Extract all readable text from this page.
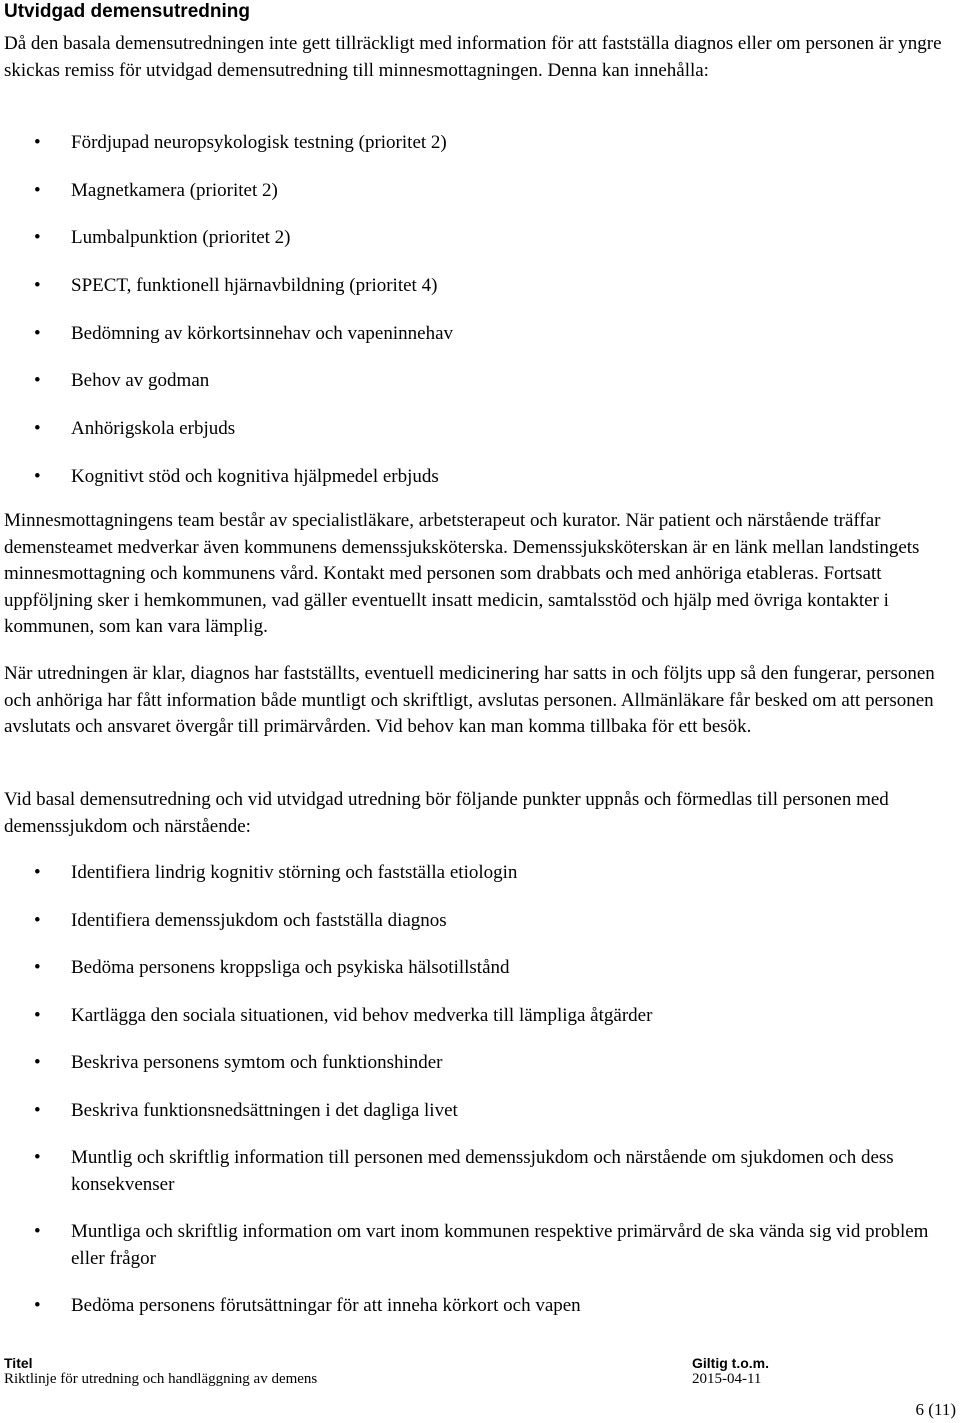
Utvidgad demensutredning

Då den basala demensutredningen inte gett tillräckligt med information för att fastställa diagnos eller om personen är yngre skickas remiss för utvidgad demensutredning till minnesmottagningen. Denna kan innehålla:

• Fördjupad neuropsykologisk testning (prioritet 2)
• Magnetkamera (prioritet 2)
• Lumbalpunktion (prioritet 2)
• SPECT, funktionell hjärnavbildning (prioritet 4)
• Bedömning av körkortsinnehav och vapeninnehav
• Behov av godman
• Anhörigskola erbjuds
• Kognitivt stöd och kognitiva hjälpmedel erbjuds

Minnesmottagningens team består av specialistläkare, arbetsterapeut och kurator. När patient och närstående träffar demensteamet medverkar även kommunens demenssjuksköterska. Demenssjuksköterskan är en länk mellan landstingets minnesmottagning och kommunens vård. Kontakt med personen som drabbats och med anhöriga etableras. Fortsatt uppföljning sker i hemkommunen, vad gäller eventuellt insatt medicin, samtalsstöd och hjälp med övriga kontakter i kommunen, som kan vara lämplig.

När utredningen är klar, diagnos har fastställts, eventuell medicinering har satts in och följts upp så den fungerar, personen och anhöriga har fått information både muntligt och skriftligt, avslutas personen. Allmänläkare får besked om att personen avslutats och ansvaret övergår till primärvården. Vid behov kan man komma tillbaka för ett besök.

Vid basal demensutredning och vid utvidgad utredning bör följande punkter uppnås och förmedlas till personen med demenssjukdom och närstående:

• Identifiera lindrig kognitiv störning och fastställa etiologin
• Identifiera demenssjukdom och fastställa diagnos
• Bedöma personens kroppsliga och psykiska hälsotillstånd
• Kartlägga den sociala situationen, vid behov medverka till lämpliga åtgärder
• Beskriva personens symtom och funktionshinder
• Beskriva funktionsnedsättningen i det dagliga livet
• Muntlig och skriftlig information till personen med demenssjukdom och närstående om sjukdomen och dess konsekvenser
• Muntliga och skriftlig information om vart inom kommunen respektive primärvård de ska vända sig vid problem eller frågor
• Bedöma personens förutsättningar för att inneha körkort och vapen
Titel
Riktlinje för utredning och handläggning av demens
Giltig t.o.m.
2015-04-11
6 (11)
